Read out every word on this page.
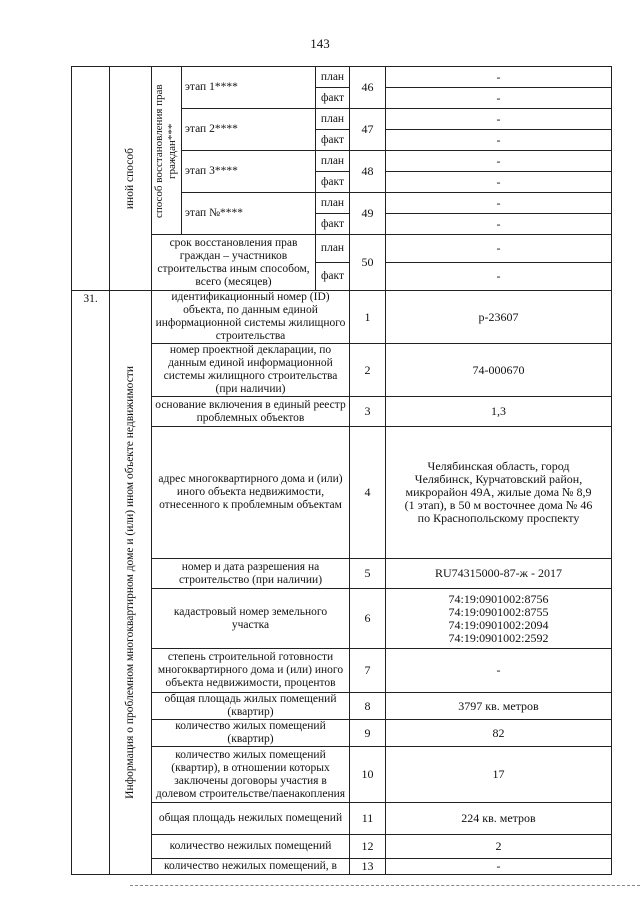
143

	иной способ	способ восстановления прав граждан***	этап 1****	план	46	-
				факт		-
			этап 2****	план	47	-
				факт		-
			этап 3****	план	48	-
				факт		-
			этап №****	план	49	-
				факт		-
		срок восстановления прав граждан – участников строительства иным способом, всего (месяцев)		план	50	-
				факт		-
31.	Информация о проблемном многоквартирном доме и (или) ином объекте недвижимости	идентификационный номер (ID) объекта, по данным единой информационной системы жилищного строительства			1	р-23607
		номер проектной декларации, по данным единой информационной системы жилищного строительства (при наличии)			2	74-000670
		основание включения в единый реестр проблемных объектов			3	1,3
		адрес многоквартирного дома и (или) иного объекта недвижимости, отнесенного к проблемным объектам			4	Челябинская область, город Челябинск, Курчатовский район, микрорайон 49А, жилые дома № 8,9 (1 этап), в 50 м восточнее дома № 46 по Краснопольскому проспекту
		номер и дата разрешения на строительство (при наличии)			5	RU74315000-87-ж - 2017
		кадастровый номер земельного участка			6	74:19:0901002:8756 74:19:0901002:8755 74:19:0901002:2094 74:19:0901002:2592
		степень строительной готовности многоквартирного дома и (или) иного объекта недвижимости, процентов			7	-
		общая площадь жилых помещений (квартир)			8	3797 кв. метров
		количество жилых помещений (квартир)			9	82
		количество жилых помещений (квартир), в отношении которых заключены договоры участия в долевом строительстве/паенакопления			10	17
		общая площадь нежилых помещений			11	224 кв. метров
		количество нежилых помещений			12	2
		количество нежилых помещений, в			13	-
